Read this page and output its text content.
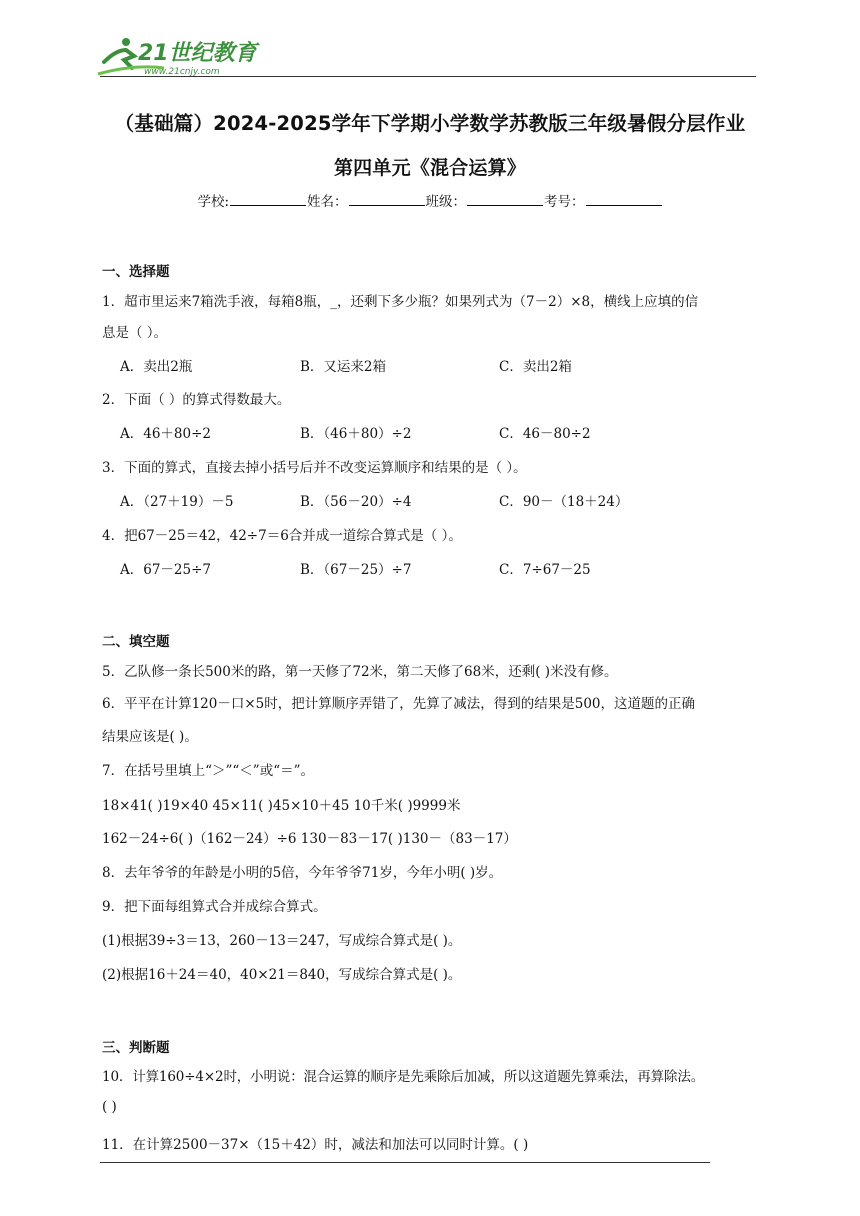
21世纪教育
www.21cnjy.com
（基础篇）2024-2025学年下学期小学数学苏教版三年级暑假分层作业
第四单元《混合运算》
学校:	姓名：	班级：	考号：
一、选择题
1．超市里运来7箱洗手液，每箱8瓶，_，还剩下多少瓶？如果列式为（7－2）×8，横线上应填的信
息是（ ）。
A．卖出2瓶	B．又运来2箱	C．卖出2箱
2．下面（ ）的算式得数最大。
A．46＋80÷2	B．（46＋80）÷2	C．46－80÷2
3．下面的算式，直接去掉小括号后并不改变运算顺序和结果的是（ ）。
A．（27＋19）－5	B．（56－20）÷4	C．90－（18＋24）
4．把67－25＝42，42÷7＝6合并成一道综合算式是（ ）。
A．67－25÷7	B．（67－25）÷7	C．7÷67－25
二、填空题
5．乙队修一条长500米的路，第一天修了72米，第二天修了68米，还剩( )米没有修。
6．平平在计算120－口×5时，把计算顺序弄错了，先算了减法，得到的结果是500，这道题的正确
结果应该是( )。
7．在括号里填上“＞”“＜”或“＝”。
18×41( )19×40 45×11( )45×10＋45 10千米( )9999米
162－24÷6( )（162－24）÷6 130－83－17( )130－（83－17）
8．去年爷爷的年龄是小明的5倍，今年爷爷71岁，今年小明( )岁。
9．把下面每组算式合并成综合算式。
(1)根据39÷3＝13，260－13＝247，写成综合算式是( )。
(2)根据16＋24＝40，40×21＝840，写成综合算式是( )。
三、判断题
10．计算160÷4×2时，小明说：混合运算的顺序是先乘除后加减，所以这道题先算乘法，再算除法。
( )
11．在计算2500－37×（15＋42）时，减法和加法可以同时计算。( )
